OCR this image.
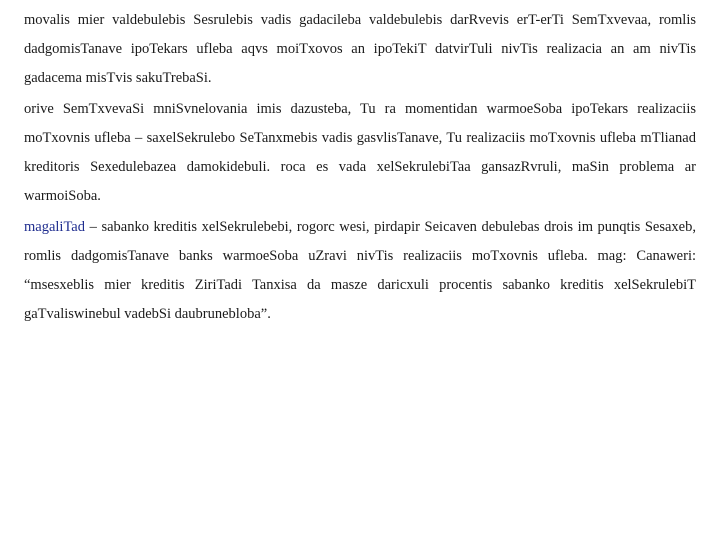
movalis mier valdebulebis Sesrulebis vadis gadacileba valdebulebis darRvevis erT-erTi SemTxvevaa, romlis dadgomisTanave ipoTekars ufleba aqvs moiTxovos an ipoTekiT datvirTuli nivTis realizacia an am nivTis gadacema misTvis sakuTrebaSi.

orive SemTxvevaSi mniSvnelovania imis dazusteba, Tu ra momentidan warmoeSoba ipoTekars realizaciis moTxovnis ufleba – saxelSekrulebo SeTanxmebis vadis gasvlisTanave, Tu realizaciis moTxovnis ufleba mTlianad kreditoris Sexedulebazea damokidebuli. roca es vada xelSekrulebiTaa gansazRvruli, maSin problema ar warmoiSoba.

magaliTad – sabanko kreditis xelSekrulebebi, rogorc wesi, pirdapir Seicaven debulebas drois im punqtis Sesaxeb, romlis dadgomisTanave banks warmoeSoba uZravi nivTis realizaciis moTxovnis ufleba. mag: Canaweri: “msesxeblis mier kreditis ZiriTadi Tanxisa da masze daricxuli procentis sabanko kreditis xelSekrulebiT gaTvaliswinebul vadebSi daubrunebloba”.
